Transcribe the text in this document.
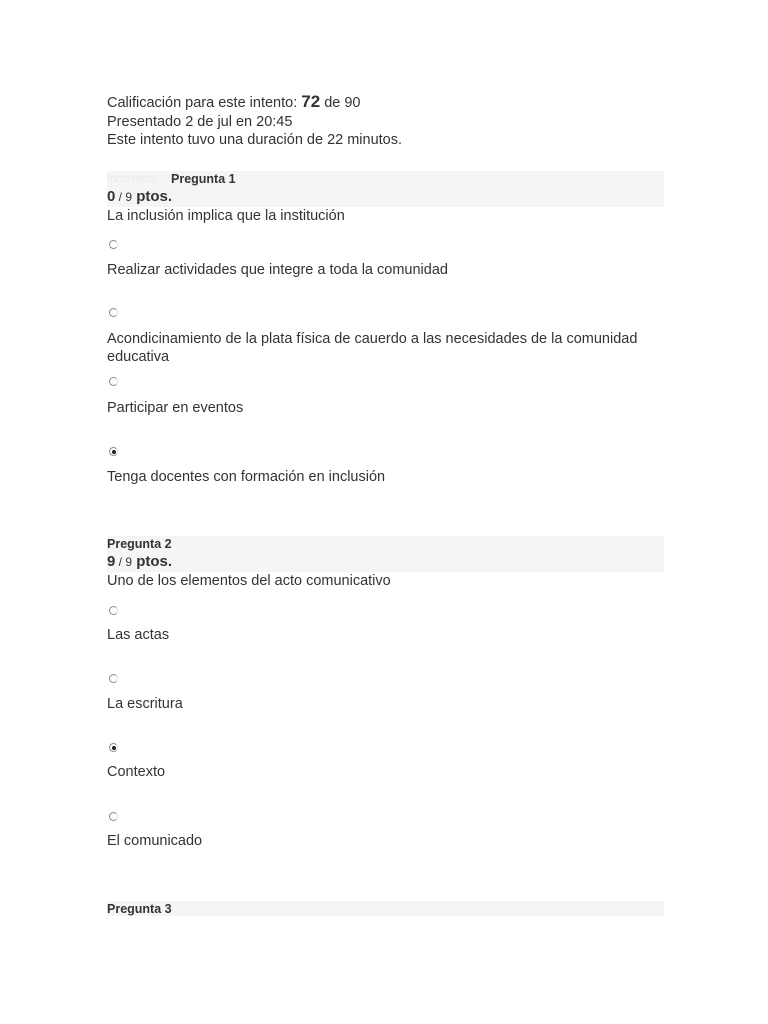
Calificación para este intento: 72 de 90
Presentado 2 de jul en 20:45
Este intento tuvo una duración de 22 minutos.
Incorrecto	Pregunta 1
0 / 9 ptos.
La inclusión implica que la institución
Realizar actividades que integre a toda la comunidad
Acondicinamiento de la plata física de cauerdo a las necesidades de la comunidad educativa
Participar en eventos
Tenga docentes con formación en inclusión
Pregunta 2
9 / 9 ptos.
Uno de los elementos del acto comunicativo
Las actas
La escritura
Contexto
El comunicado
Pregunta 3
